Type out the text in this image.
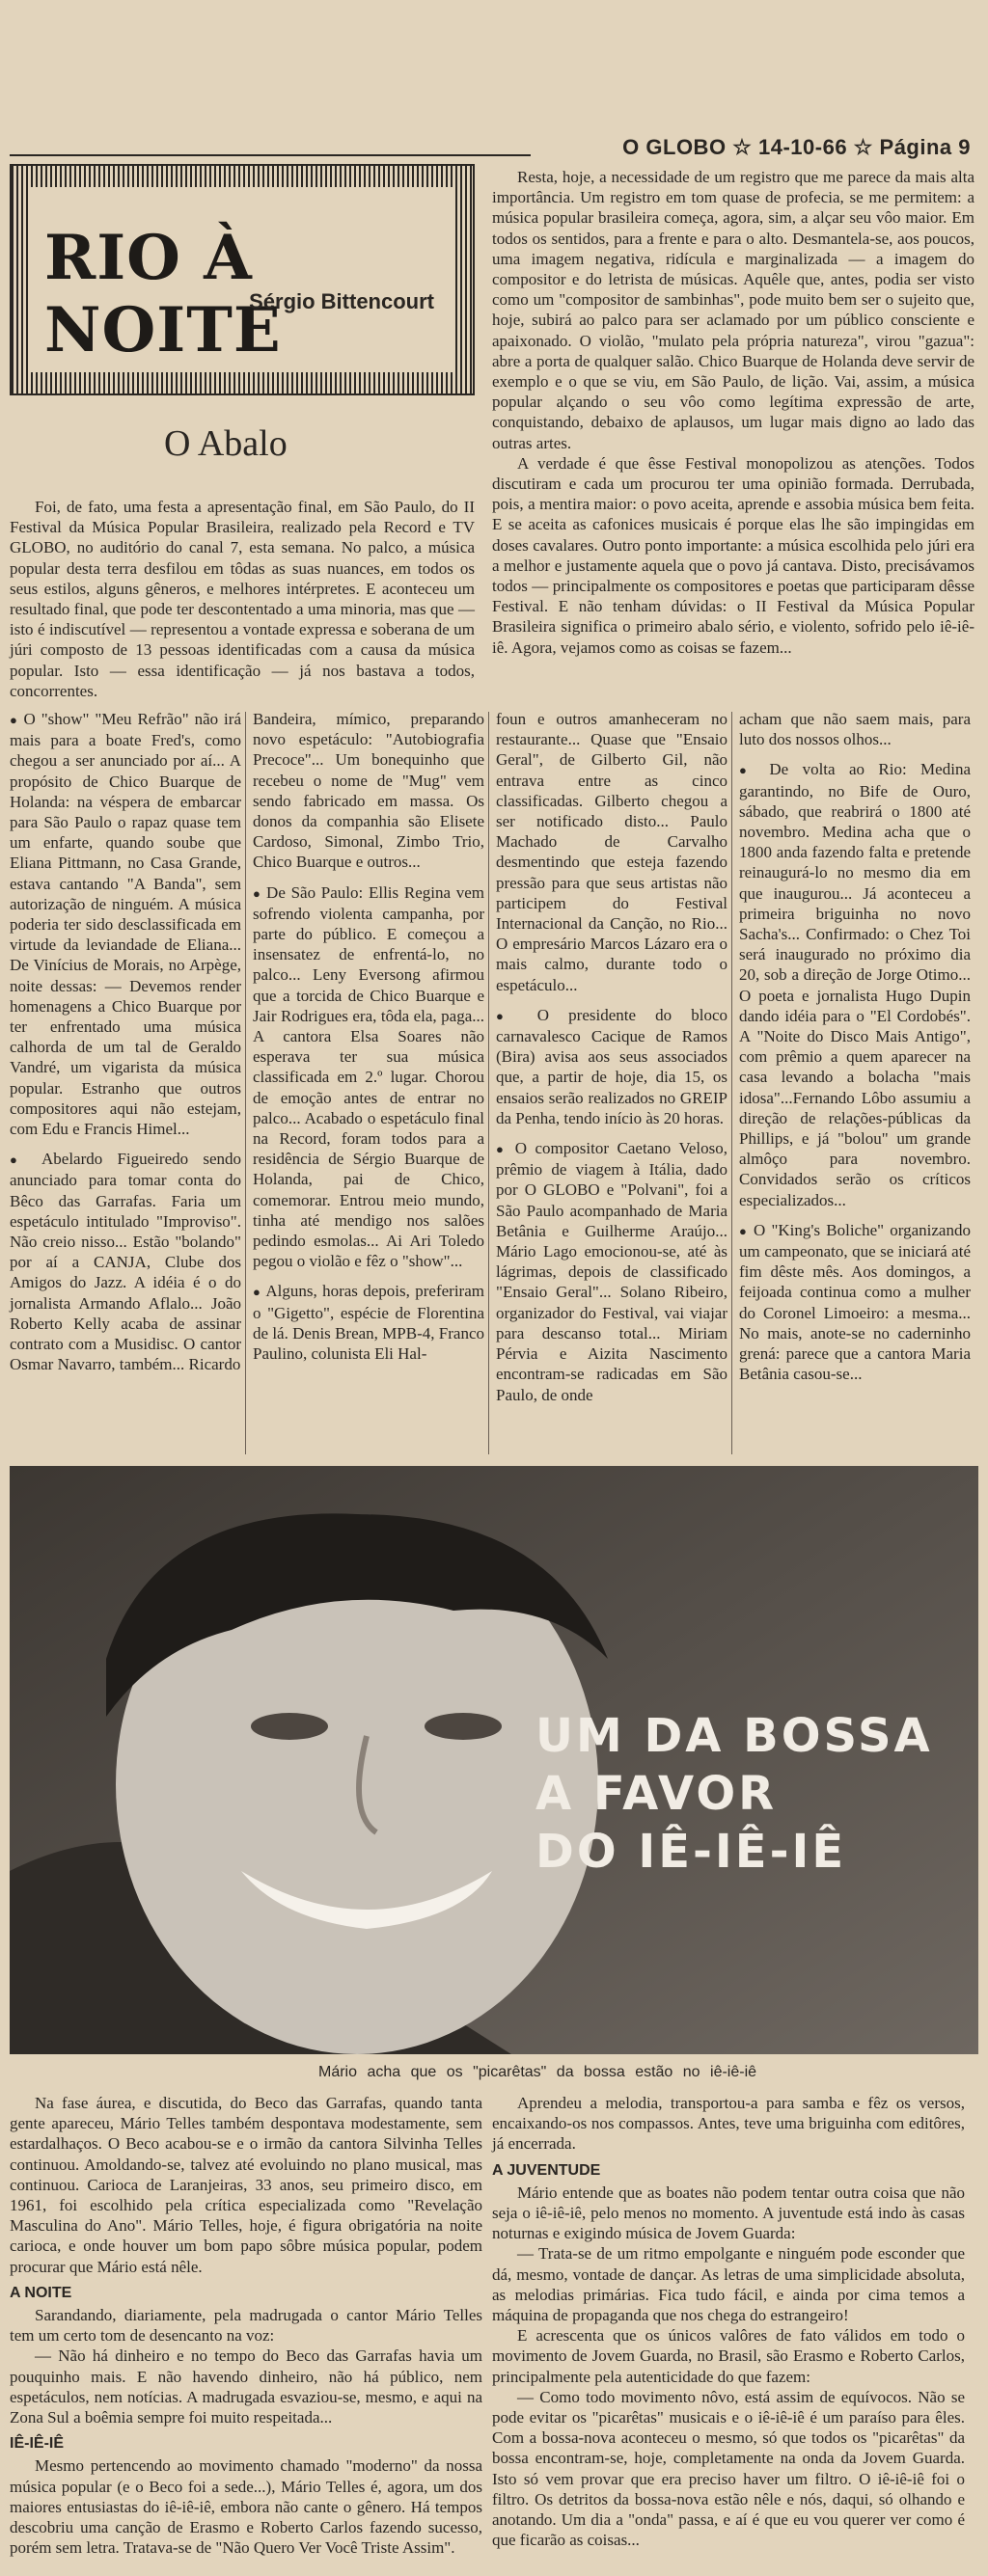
O GLOBO ☆ 14-10-66 ☆ Página 9
RIO À NOITE
Sérgio Bittencourt
O Abalo

Foi, de fato, uma festa a apresentação final, em São Paulo, do II Festival da Música Popular Brasileira, realizado pela Record e TV GLOBO, no auditório do canal 7, esta semana. No palco, a música popular desta terra desfilou em tôdas as suas nuances, em todos os seus estilos, alguns gêneros, e melhores intérpretes. E aconteceu um resultado final, que pode ter descontentado a uma minoria, mas que — isto é indiscutível — representou a vontade expressa e soberana de um júri composto de 13 pessoas identificadas com a causa da música popular. Isto — essa identificação — já nos bastava a todos, concorrentes.

Resta, hoje, a necessidade de um registro que me parece da mais alta importância. Um registro em tom quase de profecia, se me permitem: a música popular brasileira começa, agora, sim, a alçar seu vôo maior. Em todos os sentidos, para a frente e para o alto. Desmantela-se, aos poucos, uma imagem negativa, ridícula e marginalizada — a imagem do compositor e do letrista de músicas. Aquêle que, antes, podia ser visto como um "compositor de sambinhas", pode muito bem ser o sujeito que, hoje, subirá ao palco para ser aclamado por um público consciente e apaixonado. O violão, "mulato pela própria natureza", virou "gazua": abre a porta de qualquer salão. Chico Buarque de Holanda deve servir de exemplo e o que se viu, em São Paulo, de lição. Vai, assim, a música popular alçando o seu vôo como legítima expressão de arte, conquistando, debaixo de aplausos, um lugar mais digno ao lado das outras artes.

A verdade é que êsse Festival monopolizou as atenções. Todos discutiram e cada um procurou ter uma opinião formada. Derrubada, pois, a mentira maior: o povo aceita, aprende e assobia música bem feita. E se aceita as cafonices musicais é porque elas lhe são impingidas em doses cavalares. Outro ponto importante: a música escolhida pelo júri era a melhor e justamente aquela que o povo já cantava. Disto, precisávamos todos — principalmente os compositores e poetas que participaram dêsse Festival. E não tenham dúvidas: o II Festival da Música Popular Brasileira significa o primeiro abalo sério, e violento, sofrido pelo iê-iê-iê. Agora, vejamos como as coisas se fazem...

● O "show" "Meu Refrão" não irá mais para a boate Fred's, como chegou a ser anunciado por aí... A propósito de Chico Buarque de Holanda: na véspera de embarcar para São Paulo o rapaz quase tem um enfarte, quando soube que Eliana Pittmann, no Casa Grande, estava cantando "A Banda", sem autorização de ninguém. A música poderia ter sido desclassificada em virtude da leviandade de Eliana... De Vinícius de Morais, no Arpège, noite dessas: — Devemos render homenagens a Chico Buarque por ter enfrentado uma música calhorda de um tal de Geraldo Vandré, um vigarista da música popular. Estranho que outros compositores aqui não estejam, com Edu e Francis Himel...

● Abelardo Figueiredo sendo anunciado para tomar conta do Bêco das Garrafas. Faria um espetáculo intitulado "Improviso". Não creio nisso... Estão "bolando" por aí a CANJA, Clube dos Amigos do Jazz. A idéia é o do jornalista Armando Aflalo... João Roberto Kelly acaba de assinar contrato com a Musidisc. O cantor Osmar Navarro, também... Ricardo

Bandeira, mímico, preparando novo espetáculo: "Autobiografia Precoce"... Um bonequinho que recebeu o nome de "Mug" vem sendo fabricado em massa. Os donos da companhia são Elisete Cardoso, Simonal, Zimbo Trio, Chico Buarque e outros...

● De São Paulo: Ellis Regina vem sofrendo violenta campanha, por parte do público. E começou a insensatez de enfrentá-lo, no palco... Leny Eversong afirmou que a torcida de Chico Buarque e Jair Rodrigues era, tôda ela, paga... A cantora Elsa Soares não esperava ter sua música classificada em 2.º lugar. Chorou de emoção antes de entrar no palco... Acabado o espetáculo final na Record, foram todos para a residência de Sérgio Buarque de Holanda, pai de Chico, comemorar. Entrou meio mundo, tinha até mendigo nos salões pedindo esmolas... Ai Ari Toledo pegou o violão e fêz o "show"...

● Alguns, horas depois, preferiram o "Gigetto", espécie de Florentina de lá. Denis Brean, MPB-4, Franco Paulino, colunista Eli Hal-

foun e outros amanheceram no restaurante... Quase que "Ensaio Geral", de Gilberto Gil, não entrava entre as cinco classificadas. Gilberto chegou a ser notificado disto... Paulo Machado de Carvalho desmentindo que esteja fazendo pressão para que seus artistas não participem do Festival Internacional da Canção, no Rio... O empresário Marcos Lázaro era o mais calmo, durante todo o espetáculo...

● O presidente do bloco carnavalesco Cacique de Ramos (Bira) avisa aos seus associados que, a partir de hoje, dia 15, os ensaios serão realizados no GREIP da Penha, tendo início às 20 horas.

● O compositor Caetano Veloso, prêmio de viagem à Itália, dado por O GLOBO e "Polvani", foi a São Paulo acompanhado de Maria Betânia e Guilherme Araújo... Mário Lago emocionou-se, até às lágrimas, depois de classificado "Ensaio Geral"... Solano Ribeiro, organizador do Festival, vai viajar para descanso total... Miriam Pérvia e Aizita Nascimento encontram-se radicadas em São Paulo, de onde

acham que não saem mais, para luto dos nossos olhos...

● De volta ao Rio: Medina garantindo, no Bife de Ouro, sábado, que reabrirá o 1800 até novembro. Medina acha que o 1800 anda fazendo falta e pretende reinaugurá-lo no mesmo dia em que inaugurou... Já aconteceu a primeira briguinha no novo Sacha's... Confirmado: o Chez Toi será inaugurado no próximo dia 20, sob a direção de Jorge Otimo... O poeta e jornalista Hugo Dupin dando idéia para o "El Cordobés". A "Noite do Disco Mais Antigo", com prêmio a quem aparecer na casa levando a bolacha "mais idosa"...Fernando Lôbo assumiu a direção de relações-públicas da Phillips, e já "bolou" um grande almôço para novembro. Convidados serão os críticos especializados...

● O "King's Boliche" organizando um campeonato, que se iniciará até fim dêste mês. Aos domingos, a feijoada continua como a mulher do Coronel Limoeiro: a mesma... No mais, anote-se no caderninho grená: parece que a cantora Maria Betânia casou-se...

UM DA BOSSA
A FAVOR
DO IÊ-IÊ-IÊ
Mário acha que os "picarêtas" da bossa estão no iê-iê-iê

Na fase áurea, e discutida, do Beco das Garrafas, quando tanta gente apareceu, Mário Telles também despontava modestamente, sem estardalhaços. O Beco acabou-se e o irmão da cantora Silvinha Telles continuou. Amoldando-se, talvez até evoluindo no plano musical, mas continuou. Carioca de Laranjeiras, 33 anos, seu primeiro disco, em 1961, foi escolhido pela crítica especializada como "Revelação Masculina do Ano". Mário Telles, hoje, é figura obrigatória na noite carioca, e onde houver um bom papo sôbre música popular, podem procurar que Mário está nêle.

A NOITE

Sarandando, diariamente, pela madrugada o cantor Mário Telles tem um certo tom de desencanto na voz:

— Não há dinheiro e no tempo do Beco das Garrafas havia um pouquinho mais. E não havendo dinheiro, não há público, nem espetáculos, nem notícias. A madrugada esvaziou-se, mesmo, e aqui na Zona Sul a boêmia sempre foi muito respeitada...

IÊ-IÊ-IÊ

Mesmo pertencendo ao movimento chamado "moderno" da nossa música popular (e o Beco foi a sede...), Mário Telles é, agora, um dos maiores entusiastas do iê-iê-iê, embora não cante o gênero. Há tempos descobriu uma canção de Erasmo e Roberto Carlos fazendo sucesso, porém sem letra. Tratava-se de "Não Quero Ver Você Triste Assim".

Aprendeu a melodia, transportou-a para samba e fêz os versos, encaixando-os nos compassos. Antes, teve uma briguinha com editôres, já encerrada.

A JUVENTUDE

Mário entende que as boates não podem tentar outra coisa que não seja o iê-iê-iê, pelo menos no momento. A juventude está indo às casas noturnas e exigindo música de Jovem Guarda:

— Trata-se de um ritmo empolgante e ninguém pode esconder que dá, mesmo, vontade de dançar. As letras de uma simplicidade absoluta, as melodias primárias. Fica tudo fácil, e ainda por cima temos a máquina de propaganda que nos chega do estrangeiro!

E acrescenta que os únicos valôres de fato válidos em todo o movimento de Jovem Guarda, no Brasil, são Erasmo e Roberto Carlos, principalmente pela autenticidade do que fazem:

— Como todo movimento nôvo, está assim de equívocos. Não se pode evitar os "picarêtas" musicais e o iê-iê-iê é um paraíso para êles. Com a bossa-nova aconteceu o mesmo, só que todos os "picarêtas" da bossa encontram-se, hoje, completamente na onda da Jovem Guarda. Isto só vem provar que era preciso haver um filtro. O iê-iê-iê foi o filtro. Os detritos da bossa-nova estão nêle e nós, daqui, só olhando e anotando. Um dia a "onda" passa, e aí é que eu vou querer ver como é que ficarão as coisas...
